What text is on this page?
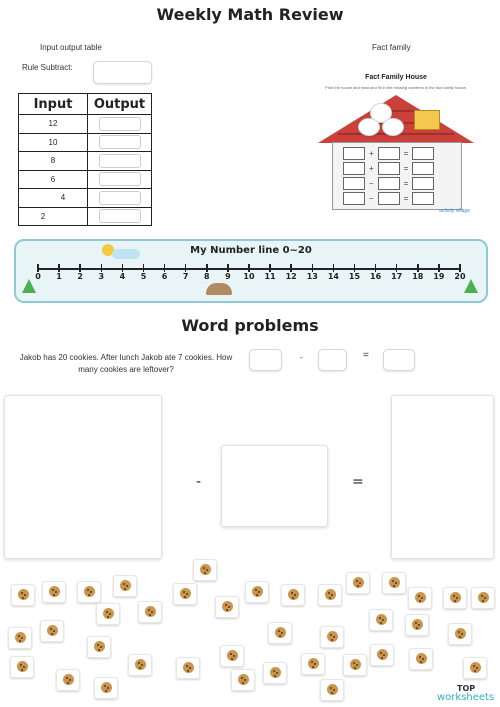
Weekly Math Review
Input output table
Rule Subtract:
Input	Output
12	

10	

8	

6	

4	

2	
Fact family
Fact Family House
Print the house and read and fill in the missing numbers in the fact family house.
+	=
+	=
−	=
−	=
activity village
My Number line 0~20
0 1 2 3 4 5 6 7 8 9 10 11 12 13 14 15 16 17 18 19 20
Word problems
Jakob has 20 cookies. After lunch Jakob ate 7 cookies. How
many cookies are leftover?
-	=
-	=
TOP
worksheets
